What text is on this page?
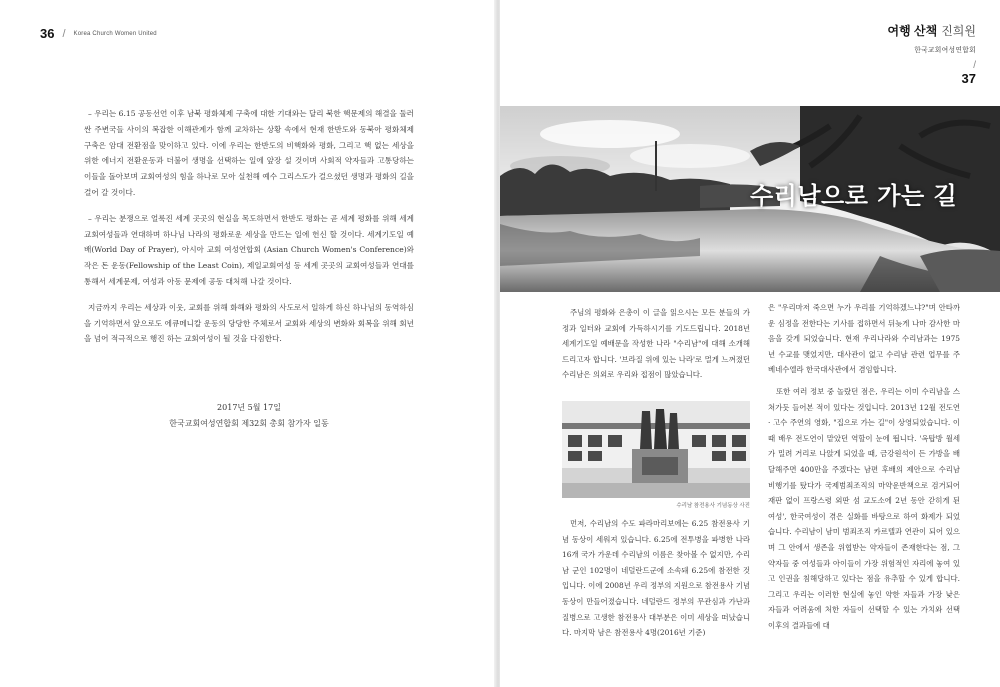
36 / Korea Church Women United

– 우리는 6.15 공동선언 이후 남북 평화체제 구축에 대한 기대와는 달리 북한 핵문제의 해결을 둘러싼 주변국들 사이의 복잡한 이해관계가 함께 교차하는 상황 속에서 현재 한반도와 동북아 평화체제 구축은 암대 전환점을 맞이하고 있다. 이에 우리는 한반도의 비핵화와 평화, 그리고 핵 없는 세상을 위한 에너지 전환운동과 더불어 생명을 선택하는 일에 앞장 설 것이며 사회적 약자들과 고통당하는 이들을 돌아보며 교회여성의 힘을 하나로 모아 실천해 예수 그리스도가 걸으셨던 생명과 평화의 길을 걸어 갈 것이다.

– 우리는 분쟁으로 얼룩진 세계 곳곳의 현실을 목도하면서 한반도 평화는 곧 세계 평화를 위해 세계교회여성들과 연대하며 하나님 나라의 평화로운 세상을 만드는 일에 헌신 할 것이다. 세계기도일 예배(World Day of Prayer), 아시아 교회 여성연합회 (Asian Church Women's Conference)와 작은 돈 운동(Fellowship of the Least Coin), 제일교회여성 등 세계 곳곳의 교회여성들과 연대를 통해서 세계문제, 여성과 아동 문제에 공동 대처해 나갈 것이다.

지금까지 우리는 세상과 이웃, 교회를 위해 화해와 평화의 사도로서 일하게 하신 하나님의 동역하심을 기억하면서 앞으로도 에큐메니칼 운동의 당당한 주체로서 교회와 세상의 변화와 회복을 위해 회년을 넘어 적극적으로 행진 하는 교회여성이 될 것을 다짐한다.

2017년 5월 17일
한국교회여성연합회 제32회 총회 참가자 일동
여행 산책 진희원
한국교회여성연합회
/
37
수리남으로 가는 길

주님의 평화와 은총이 이 글을 읽으시는 모든 분들의 가정과 일터와 교회에 가득하시기를 기도드립니다. 2018년 세계기도일 예배문을 작성한 나라 "수리남"에 대해 소개해 드리고자 합니다. '브라질 위에 있는 나라'로 멀게 느껴졌던 수리남은 의외로 우리와 접점이 많았습니다.

수리남 참전용사 기념동상 사진

먼저, 수리남의 수도 파라마리보에는 6.25 참전용사 기념 동상이 세워져 있습니다. 6.25에 전투병을 파병한 나라 16개 국가 가운데 수리남의 이름은 찾아볼 수 없지만, 수리남 군인 102명이 네덜란드군에 소속돼 6.25에 참전한 것입니다. 이에 2008년 우리 정부의 지원으로 참전용사 기념 동상이 만들어졌습니다. 네덜란드 정부의 무관심과 가난과 질병으로 고생한 참전용사 대부분은 이미 세상을 떠났습니다. 마지막 남은 참전용사 4명(2016년 기준)

은 "우리마저 죽으면 누가 우리를 기억하겠느냐?"며 안타까운 심정을 전한다는 기사를 접하면서 뒤늦게 나마 감사한 마음을 갖게 되었습니다. 현재 우리나라와 수리남과는 1975년 수교를 맺었지만, 대사관이 없고 수리남 관련 업무를 주 베네수엘라 한국대사관에서 겸임합니다.

또한 여러 정보 중 놀랐던 점은, 우리는 이미 수리남을 스쳐가듯 들어본 적이 있다는 것입니다. 2013년 12월 전도연 · 고수 주연의 영화, "집으로 가는 길"이 상영되었습니다. 이 때 배우 전도연이 맡았던 역할이 눈에 띕니다. '옥탑방 월세가 밀려 거리로 나앉게 되었을 때, 금강원석이 든 가방을 배달해주면 400만을 주겠다는 남편 후배의 제안으로 수리남 비행기를 탔다가 국제범죄조직의 마약운반책으로 검거되어 재판 없이 프랑스령 외딴 섬 교도소에 2년 동안 갇히게 된 여성', 한국여성이 겪은 실화를 바탕으로 하여 화제가 되었습니다. 수리남이 남미 범죄조직 카르텔과 연관이 되어 있으며 그 안에서 생존을 위협받는 약자들이 존재한다는 점, 그 약자들 중 여성들과 아이들이 가장 위험적인 자리에 놓여 있고 인권을 침해당하고 있다는 점을 유추할 수 있게 합니다. 그리고 우리는 이러한 현실에 놓인 약한 자들과 가장 낮은 자들과 어려움에 처한 자들이 선택할 수 있는 가치와 선택 이후의 결과들에 대
